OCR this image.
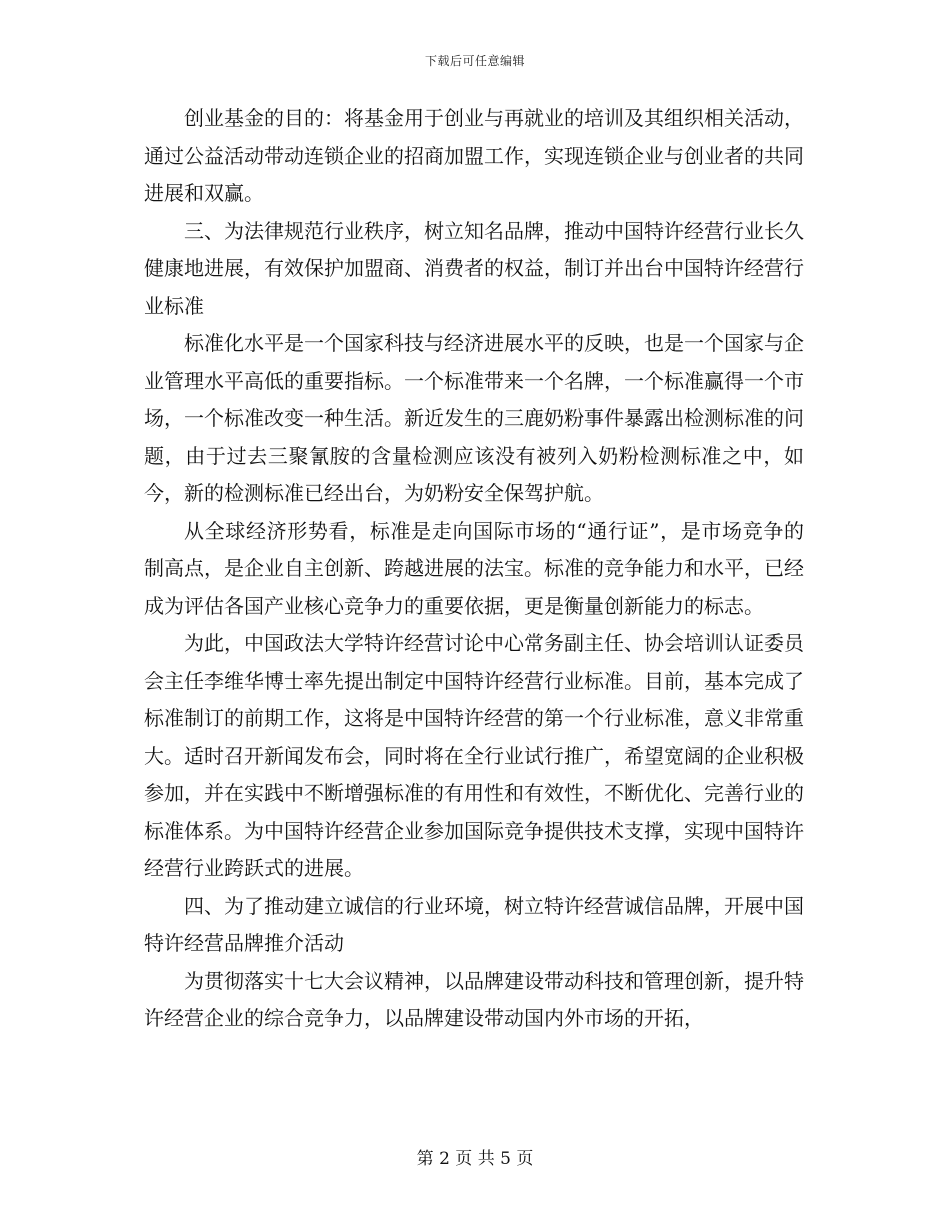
下载后可任意编辑

创业基金的目的：将基金用于创业与再就业的培训及其组织相关活动，通过公益活动带动连锁企业的招商加盟工作，实现连锁企业与创业者的共同进展和双赢。

三、为法律规范行业秩序，树立知名品牌，推动中国特许经营行业长久健康地进展，有效保护加盟商、消费者的权益，制订并出台中国特许经营行业标准

标准化水平是一个国家科技与经济进展水平的反映，也是一个国家与企业管理水平高低的重要指标。一个标准带来一个名牌，一个标准赢得一个市场，一个标准改变一种生活。新近发生的三鹿奶粉事件暴露出检测标准的问题，由于过去三聚氰胺的含量检测应该没有被列入奶粉检测标准之中，如今，新的检测标准已经出台，为奶粉安全保驾护航。

从全球经济形势看，标准是走向国际市场的“通行证”，是市场竞争的制高点，是企业自主创新、跨越进展的法宝。标准的竞争能力和水平，已经成为评估各国产业核心竞争力的重要依据，更是衡量创新能力的标志。

为此，中国政法大学特许经营讨论中心常务副主任、协会培训认证委员会主任李维华博士率先提出制定中国特许经营行业标准。目前，基本完成了标准制订的前期工作，这将是中国特许经营的第一个行业标准，意义非常重大。适时召开新闻发布会，同时将在全行业试行推广，希望宽阔的企业积极参加，并在实践中不断增强标准的有用性和有效性，不断优化、完善行业的标准体系。为中国特许经营企业参加国际竞争提供技术支撑，实现中国特许经营行业跨跃式的进展。

四、为了推动建立诚信的行业环境，树立特许经营诚信品牌，开展中国特许经营品牌推介活动

为贯彻落实十七大会议精神，以品牌建设带动科技和管理创新，提升特许经营企业的综合竞争力，以品牌建设带动国内外市场的开拓，

第 2 页 共 5 页
